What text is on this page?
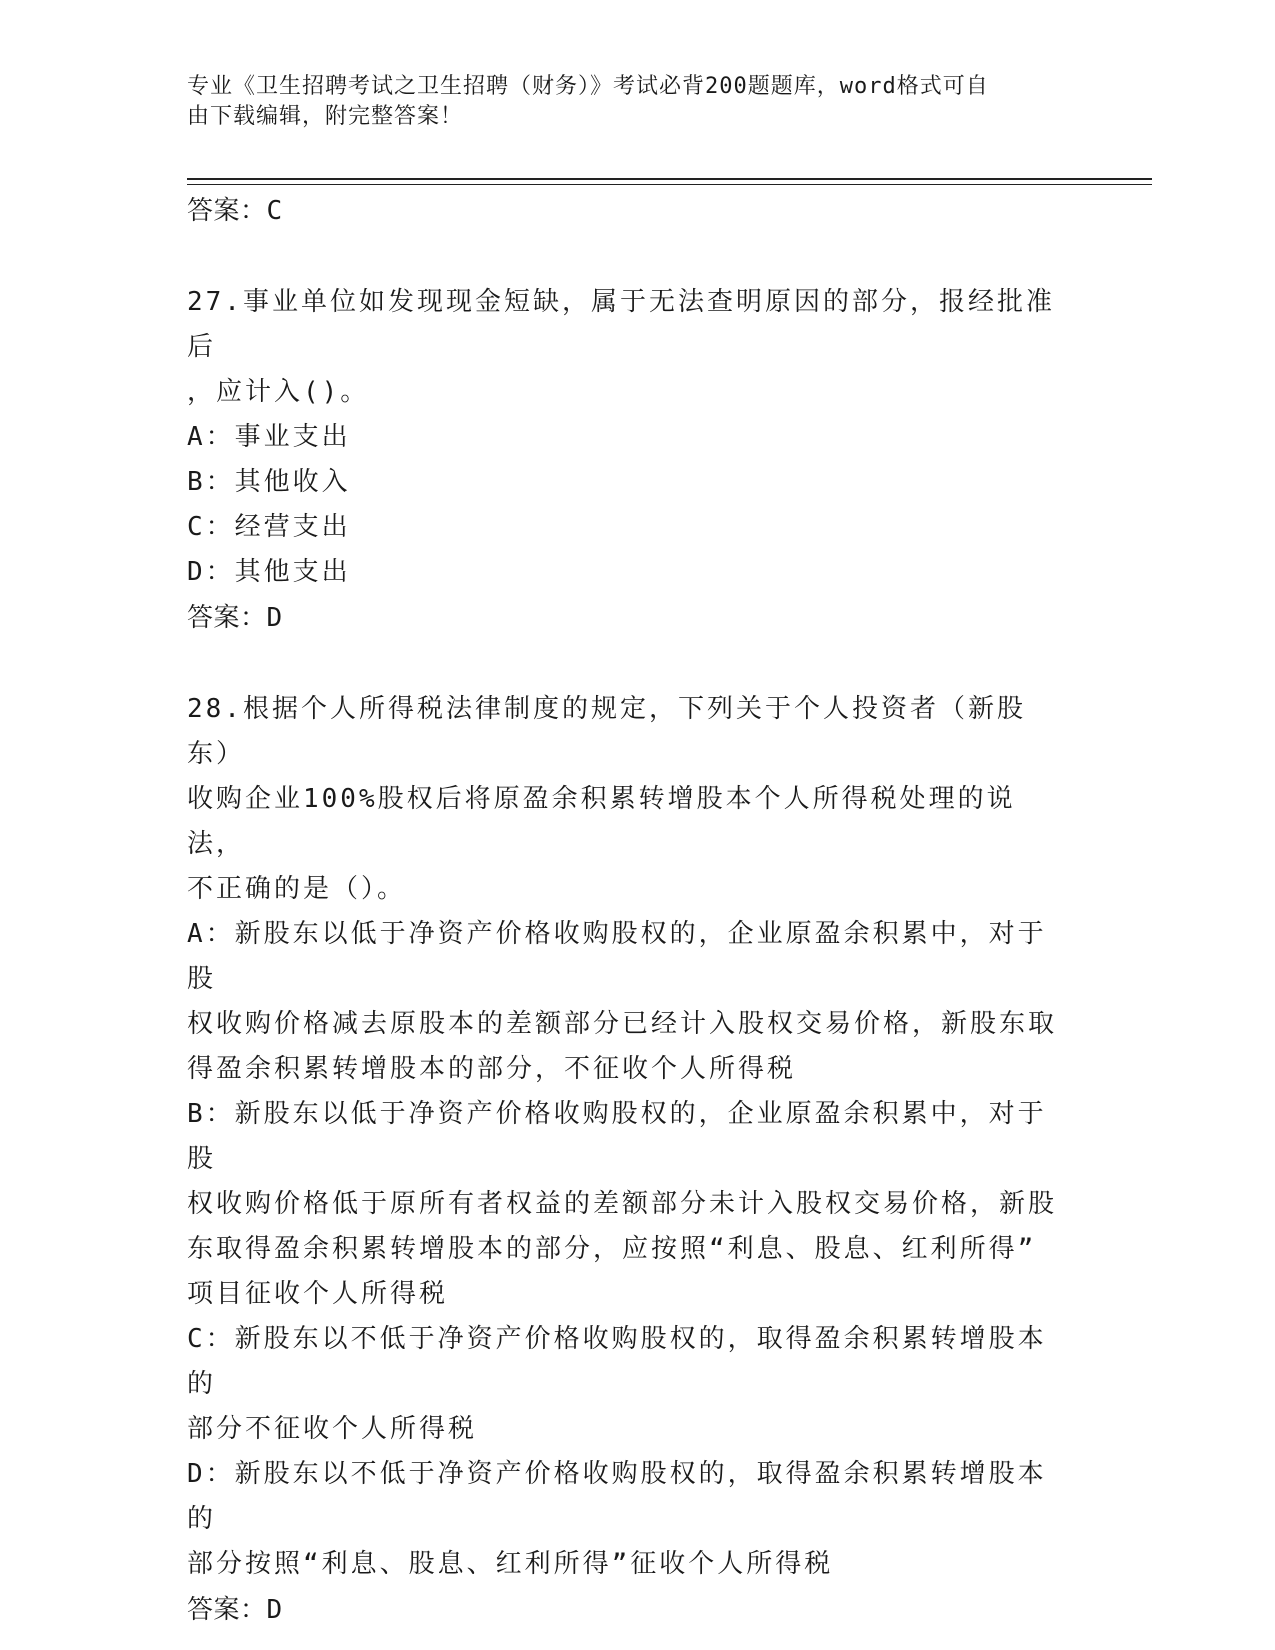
专业《卫生招聘考试之卫生招聘（财务）》考试必背200题题库，word格式可自
由下载编辑，附完整答案！
答案：C
27.事业单位如发现现金短缺，属于无法查明原因的部分，报经批准后
，应计入()。
A：事业支出
B：其他收入
C：经营支出
D：其他支出
答案：D
28.根据个人所得税法律制度的规定，下列关于个人投资者（新股东）
收购企业100%股权后将原盈余积累转增股本个人所得税处理的说法，
不正确的是（）。
A：新股东以低于净资产价格收购股权的，企业原盈余积累中，对于股
权收购价格减去原股本的差额部分已经计入股权交易价格，新股东取
得盈余积累转增股本的部分，不征收个人所得税
B：新股东以低于净资产价格收购股权的，企业原盈余积累中，对于股
权收购价格低于原所有者权益的差额部分未计入股权交易价格，新股
东取得盈余积累转增股本的部分，应按照“利息、股息、红利所得”
项目征收个人所得税
C：新股东以不低于净资产价格收购股权的，取得盈余积累转增股本的
部分不征收个人所得税
D：新股东以不低于净资产价格收购股权的，取得盈余积累转增股本的
部分按照“利息、股息、红利所得”征收个人所得税
答案：D
